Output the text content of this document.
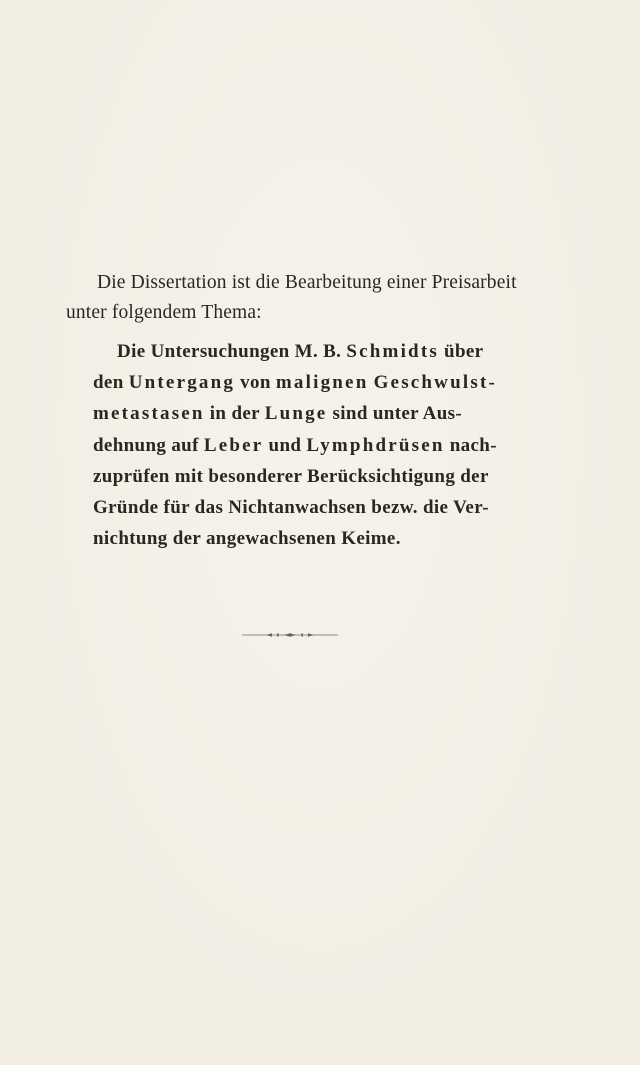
Die Dissertation ist die Bearbeitung einer Preisarbeit
unter folgendem Thema:
Die Untersuchungen M. B. Schmidts über
den Untergang von malignen Geschwulst-
metastasen in der Lunge sind unter Aus-
dehnung auf Leber und Lymphdrüsen nach-
zuprüfen mit besonderer Berücksichtigung der
Gründe für das Nichtanwachsen bezw. die Ver-
nichtung der angewachsenen Keime.
